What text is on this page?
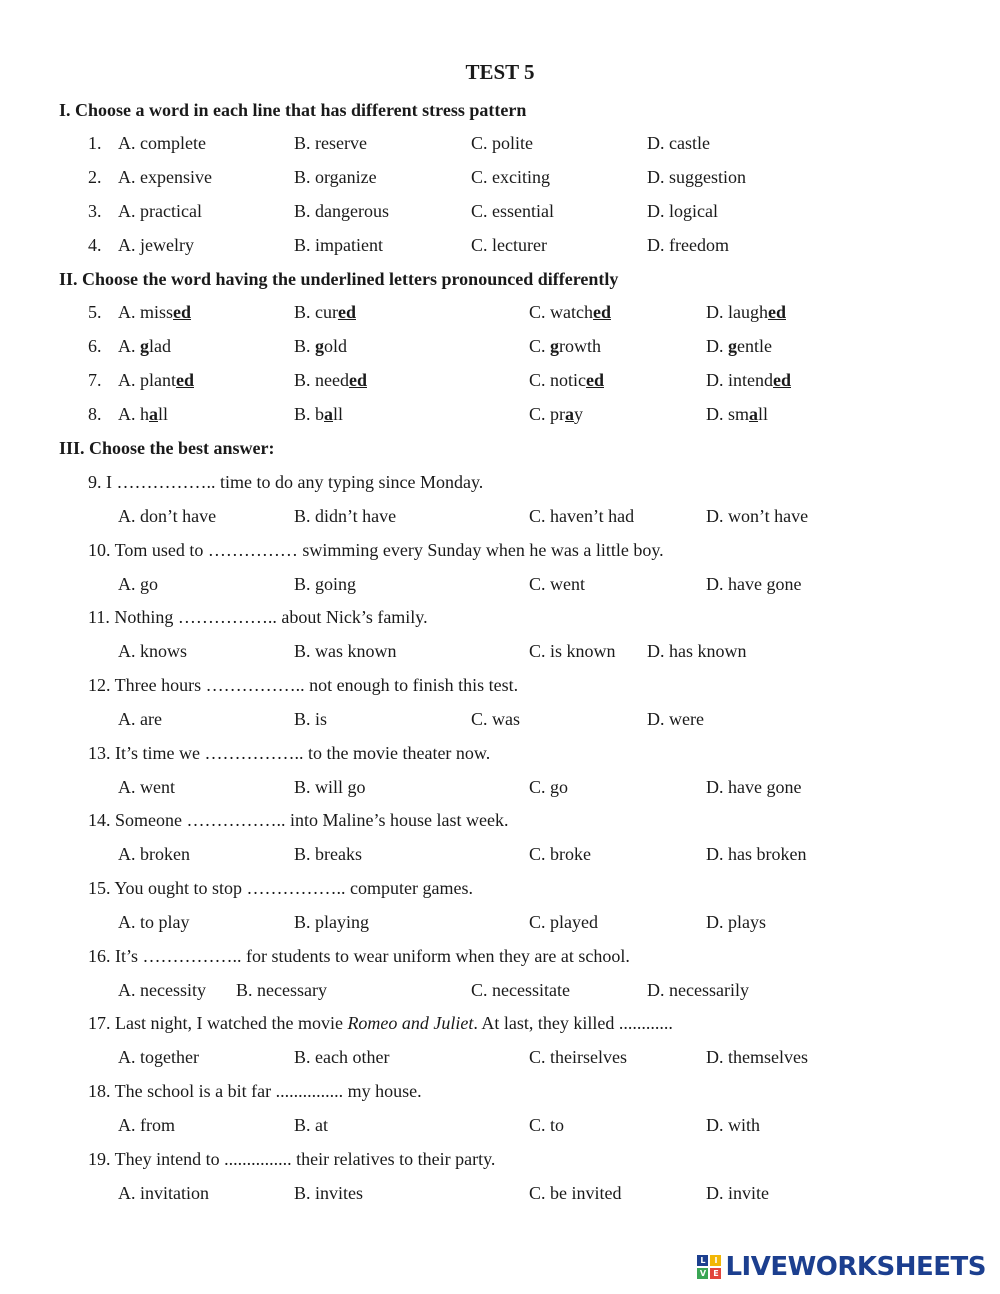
TEST 5
I. Choose a word in each line that has different stress pattern
1. A. complete	B. reserve	C. polite	D. castle
2. A. expensive	B. organize	C. exciting	D. suggestion
3. A. practical	B. dangerous	C. essential	D. logical
4. A. jewelry	B. impatient	C. lecturer	D. freedom
II. Choose the word having the underlined letters pronounced differently
5. A. missed	B. cured	C. watched	D. laughed
6. A. glad	B. gold	C. growth	D. gentle
7. A. planted	B. needed	C. noticed	D. intended
8. A. hall	B. ball	C. pray	D. small
III. Choose the best answer:
9. I …………….. time to do any typing since Monday.
A. don’t have	B. didn’t have	C. haven’t had	D. won’t have
10. Tom used to …………… swimming every Sunday when he was a little boy.
A. go	B. going	C. went	D. have gone
11. Nothing …………….. about Nick’s family.
A. knows	B. was known	C. is known D. has known
12. Three hours …………….. not enough to finish this test.
A. are	B. is	C. was	D. were
13. It’s time we …………….. to the movie theater now.
A. went	B. will go	C. go	D. have gone
14. Someone …………….. into Maline’s house last week.
A. broken	B. breaks	C. broke	D. has broken
15. You ought to stop …………….. computer games.
A. to play	B. playing	C. played	D. plays
16. It’s …………….. for students to wear uniform when they are at school.
A. necessity B. necessary	C. necessitate	D. necessarily
17. Last night, I watched the movie Romeo and Juliet. At last, they killed ............
A. together	B. each other	C. theirselves	D. themselves
18. The school is a bit far ............... my house.
A. from	B. at	C. to	D. with
19. They intend to ............... their relatives to their party.
A. invitation	B. invites	C. be invited	D. invite
L	I
V E LIVEWORKSHEETS
